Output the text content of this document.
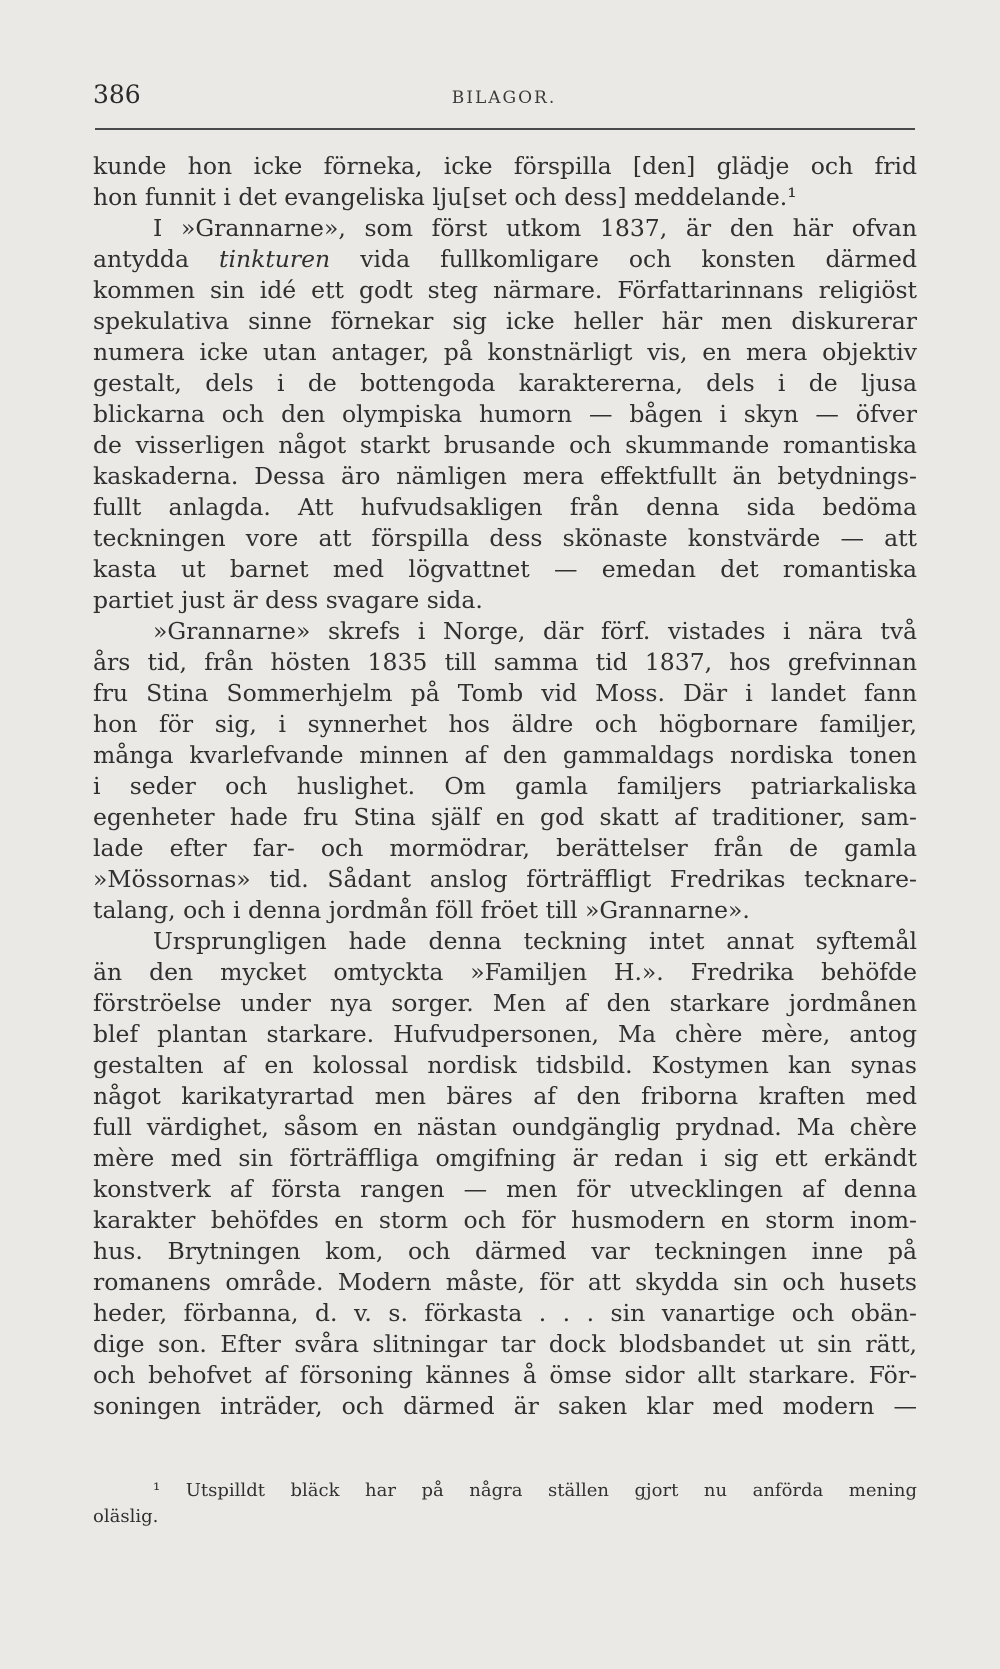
386	BILAGOR.
kunde hon icke förneka, icke förspilla [den] glädje och frid
hon funnit i det evangeliska lju[set och dess] meddelande.¹
I »Grannarne», som först utkom 1837, är den här ofvan
antydda tinkturen vida fullkomligare och konsten därmed
kommen sin idé ett godt steg närmare. Författarinnans religiöst
spekulativa sinne förnekar sig icke heller här men diskurerar
numera icke utan antager, på konstnärligt vis, en mera objektiv
gestalt, dels i de bottengoda karaktererna, dels i de ljusa
blickarna och den olympiska humorn — bågen i skyn — öfver
de visserligen något starkt brusande och skummande romantiska
kaskaderna. Dessa äro nämligen mera effektfullt än betydnings-
fullt anlagda. Att hufvudsakligen från denna sida bedöma
teckningen vore att förspilla dess skönaste konstvärde — att
kasta ut barnet med lögvattnet — emedan det romantiska
partiet just är dess svagare sida.
»Grannarne» skrefs i Norge, där förf. vistades i nära två
års tid, från hösten 1835 till samma tid 1837, hos grefvinnan
fru Stina Sommerhjelm på Tomb vid Moss. Där i landet fann
hon för sig, i synnerhet hos äldre och högbornare familjer,
många kvarlefvande minnen af den gammaldags nordiska tonen
i seder och huslighet. Om gamla familjers patriarkaliska
egenheter hade fru Stina själf en god skatt af traditioner, sam-
lade efter far- och mormödrar, berättelser från de gamla
»Mössornas» tid. Sådant anslog förträffligt Fredrikas tecknare-
talang, och i denna jordmån föll fröet till »Grannarne».
Ursprungligen hade denna teckning intet annat syftemål
än den mycket omtyckta »Familjen H.». Fredrika behöfde
förströelse under nya sorger. Men af den starkare jordmånen
blef plantan starkare. Hufvudpersonen, Ma chère mère, antog
gestalten af en kolossal nordisk tidsbild. Kostymen kan synas
något karikatyrartad men bäres af den friborna kraften med
full värdighet, såsom en nästan oundgänglig prydnad. Ma chère
mère med sin förträffliga omgifning är redan i sig ett erkändt
konstverk af första rangen — men för utvecklingen af denna
karakter behöfdes en storm och för husmodern en storm inom-
hus. Brytningen kom, och därmed var teckningen inne på
romanens område. Modern måste, för att skydda sin och husets
heder, förbanna, d. v. s. förkasta . . . sin vanartige och obän-
dige son. Efter svåra slitningar tar dock blodsbandet ut sin rätt,
och behofvet af försoning kännes å ömse sidor allt starkare. För-
soningen inträder, och därmed är saken klar med modern —
¹ Utspilldt bläck har på några ställen gjort nu anförda mening
oläslig.
